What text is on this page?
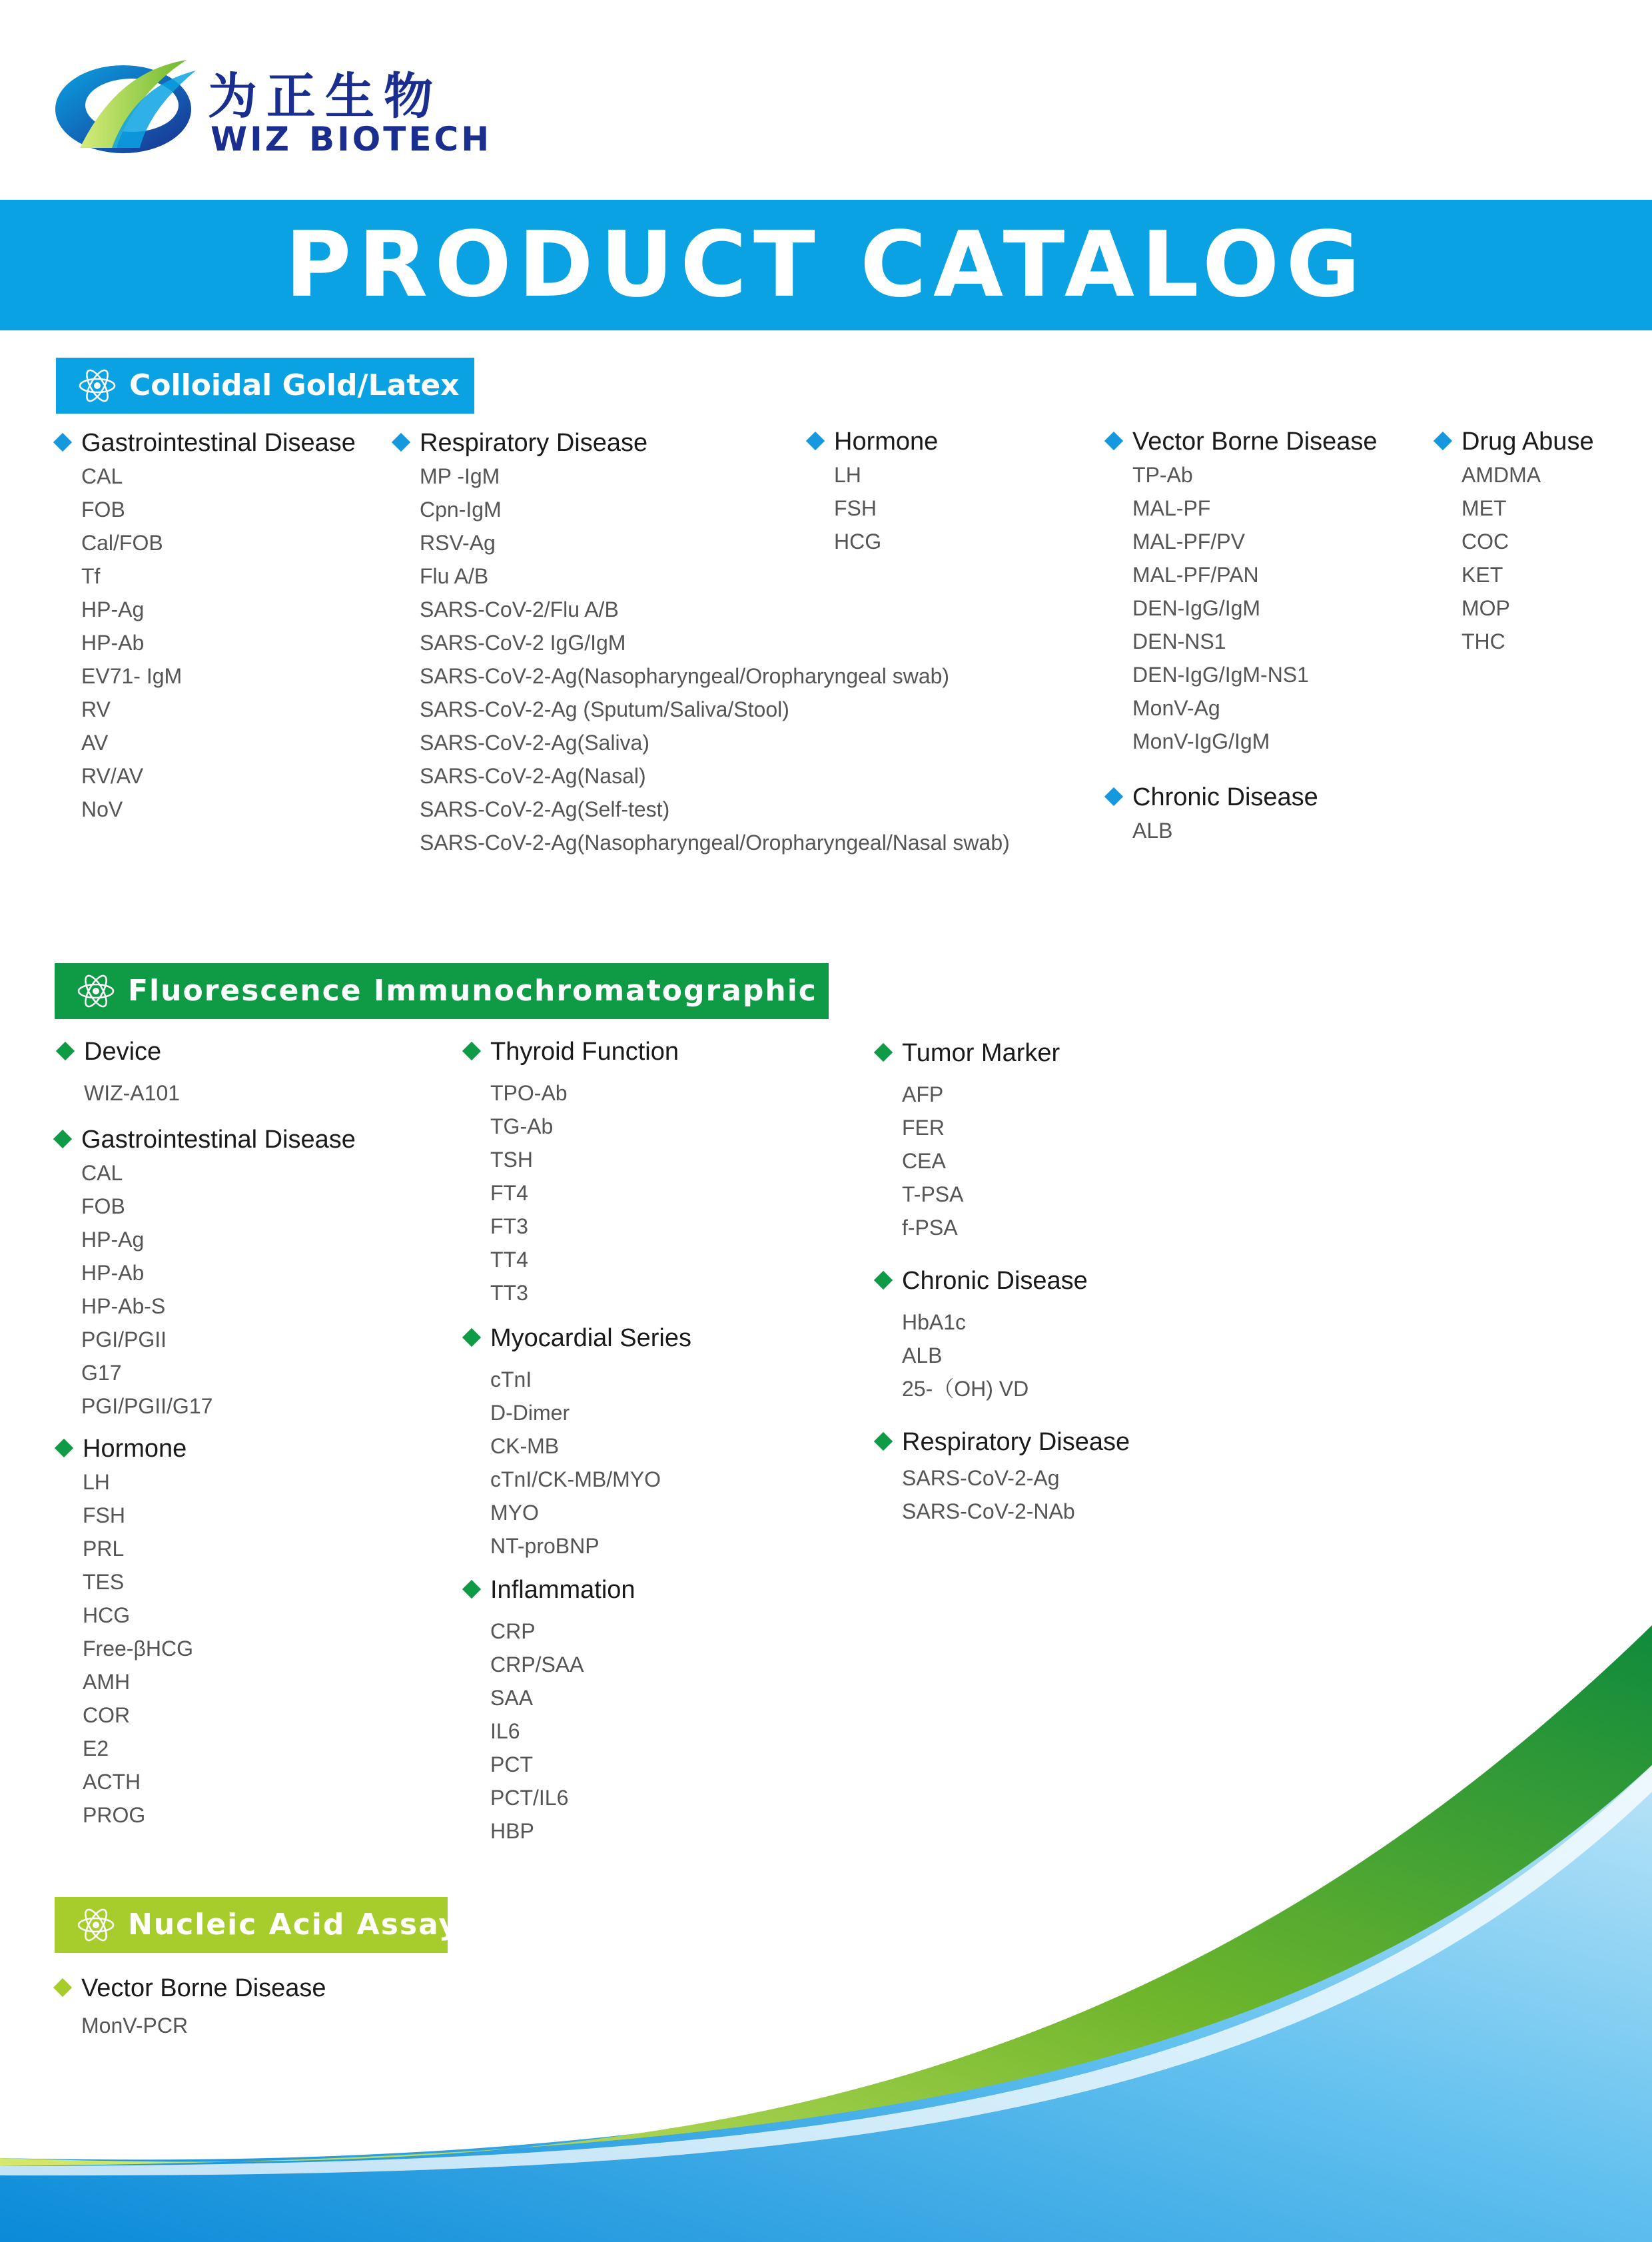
为正生物
WIZ BIOTECH
PRODUCT CATALOG
Colloidal Gold/Latex
Gastrointestinal Disease
CAL
FOB
Cal/FOB
Tf
HP-Ag
HP-Ab
EV71- IgM
RV
AV
RV/AV
NoV
Respiratory Disease
MP -IgM
Cpn-IgM
RSV-Ag
Flu A/B
SARS-CoV-2/Flu A/B
SARS-CoV-2 IgG/IgM
SARS-CoV-2-Ag(Nasopharyngeal/Oropharyngeal swab)
SARS-CoV-2-Ag (Sputum/Saliva/Stool)
SARS-CoV-2-Ag(Saliva)
SARS-CoV-2-Ag(Nasal)
SARS-CoV-2-Ag(Self-test)
SARS-CoV-2-Ag(Nasopharyngeal/Oropharyngeal/Nasal swab)
Hormone
LH
FSH
HCG
Vector Borne Disease
TP-Ab
MAL-PF
MAL-PF/PV
MAL-PF/PAN
DEN-IgG/IgM
DEN-NS1
DEN-IgG/IgM-NS1
MonV-Ag
MonV-IgG/IgM
Chronic Disease
ALB
Drug Abuse
AMDMA
MET
COC
KET
MOP
THC
Fluorescence Immunochromatographic Assay
Device
WIZ-A101
Gastrointestinal Disease
CAL
FOB
HP-Ag
HP-Ab
HP-Ab-S
PGI/PGII
G17
PGI/PGII/G17
Hormone
LH
FSH
PRL
TES
HCG
Free-βHCG
AMH
COR
E2
ACTH
PROG
Thyroid Function
TPO-Ab
TG-Ab
TSH
FT4
FT3
TT4
TT3
Myocardial Series
cTnI
D-Dimer
CK-MB
cTnI/CK-MB/MYO
MYO
NT-proBNP
Inflammation
CRP
CRP/SAA
SAA
IL6
PCT
PCT/IL6
HBP
Tumor Marker
AFP
FER
CEA
T-PSA
f-PSA
Chronic Disease
HbA1c
ALB
25-（OH) VD
Respiratory Disease
SARS-CoV-2-Ag
SARS-CoV-2-NAb
Nucleic Acid Assay
Vector Borne Disease
MonV-PCR
